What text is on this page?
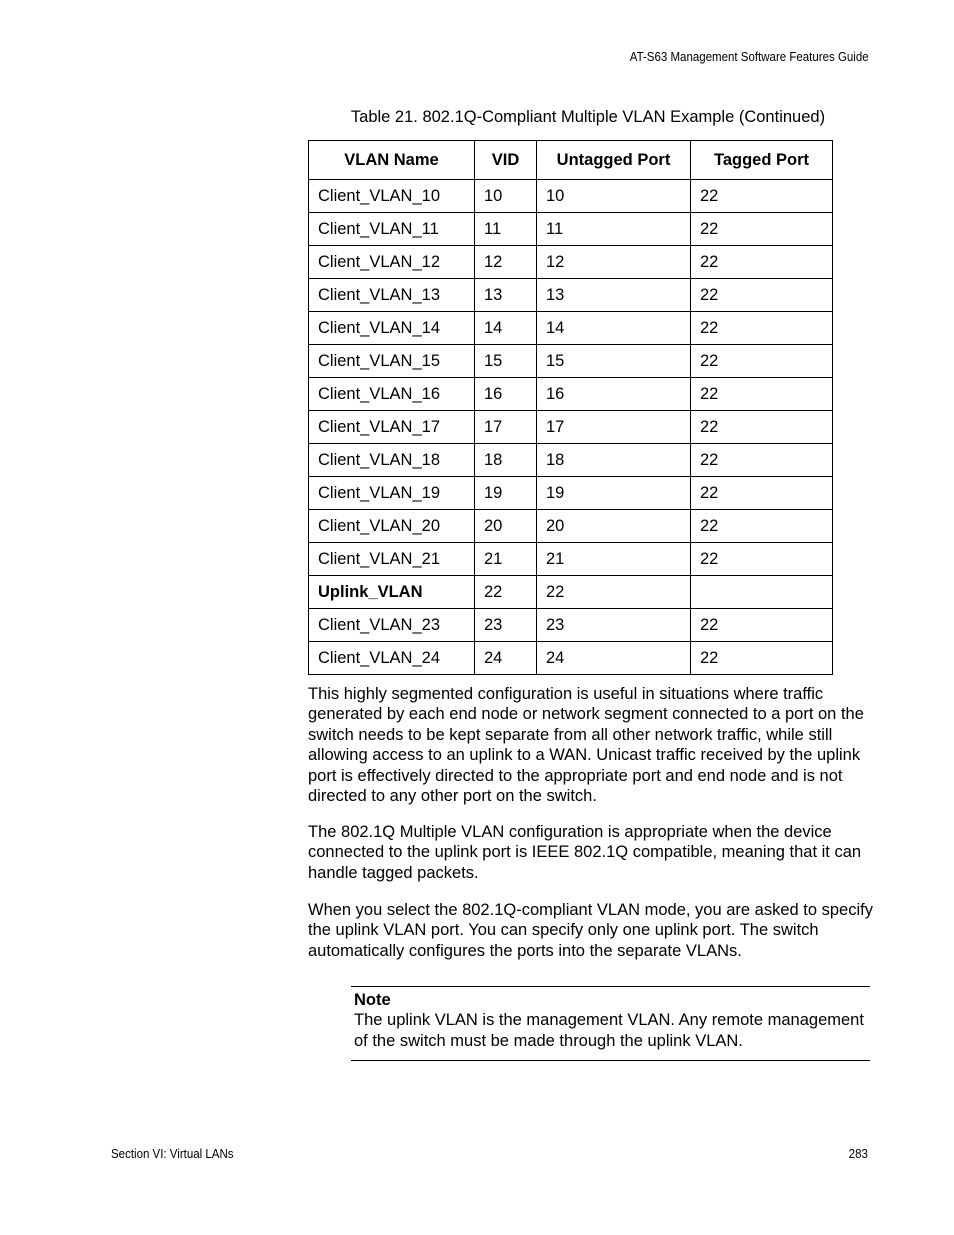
AT-S63 Management Software Features Guide
Table 21. 802.1Q-Compliant Multiple VLAN Example (Continued)
VLAN Name	VID	Untagged Port	Tagged Port
Client_VLAN_10	10	10	22
Client_VLAN_11	11	11	22
Client_VLAN_12	12	12	22
Client_VLAN_13	13	13	22
Client_VLAN_14	14	14	22
Client_VLAN_15	15	15	22
Client_VLAN_16	16	16	22
Client_VLAN_17	17	17	22
Client_VLAN_18	18	18	22
Client_VLAN_19	19	19	22
Client_VLAN_20	20	20	22
Client_VLAN_21	21	21	22
Uplink_VLAN	22	22	
Client_VLAN_23	23	23	22
Client_VLAN_24	24	24	22
This highly segmented configuration is useful in situations where traffic generated by each end node or network segment connected to a port on the switch needs to be kept separate from all other network traffic, while still allowing access to an uplink to a WAN. Unicast traffic received by the uplink port is effectively directed to the appropriate port and end node and is not directed to any other port on the switch.
The 802.1Q Multiple VLAN configuration is appropriate when the device connected to the uplink port is IEEE 802.1Q compatible, meaning that it can handle tagged packets.
When you select the 802.1Q-compliant VLAN mode, you are asked to specify the uplink VLAN port. You can specify only one uplink port. The switch automatically configures the ports into the separate VLANs.
Note
The uplink VLAN is the management VLAN. Any remote management of the switch must be made through the uplink VLAN.
Section VI: Virtual LANs	283
